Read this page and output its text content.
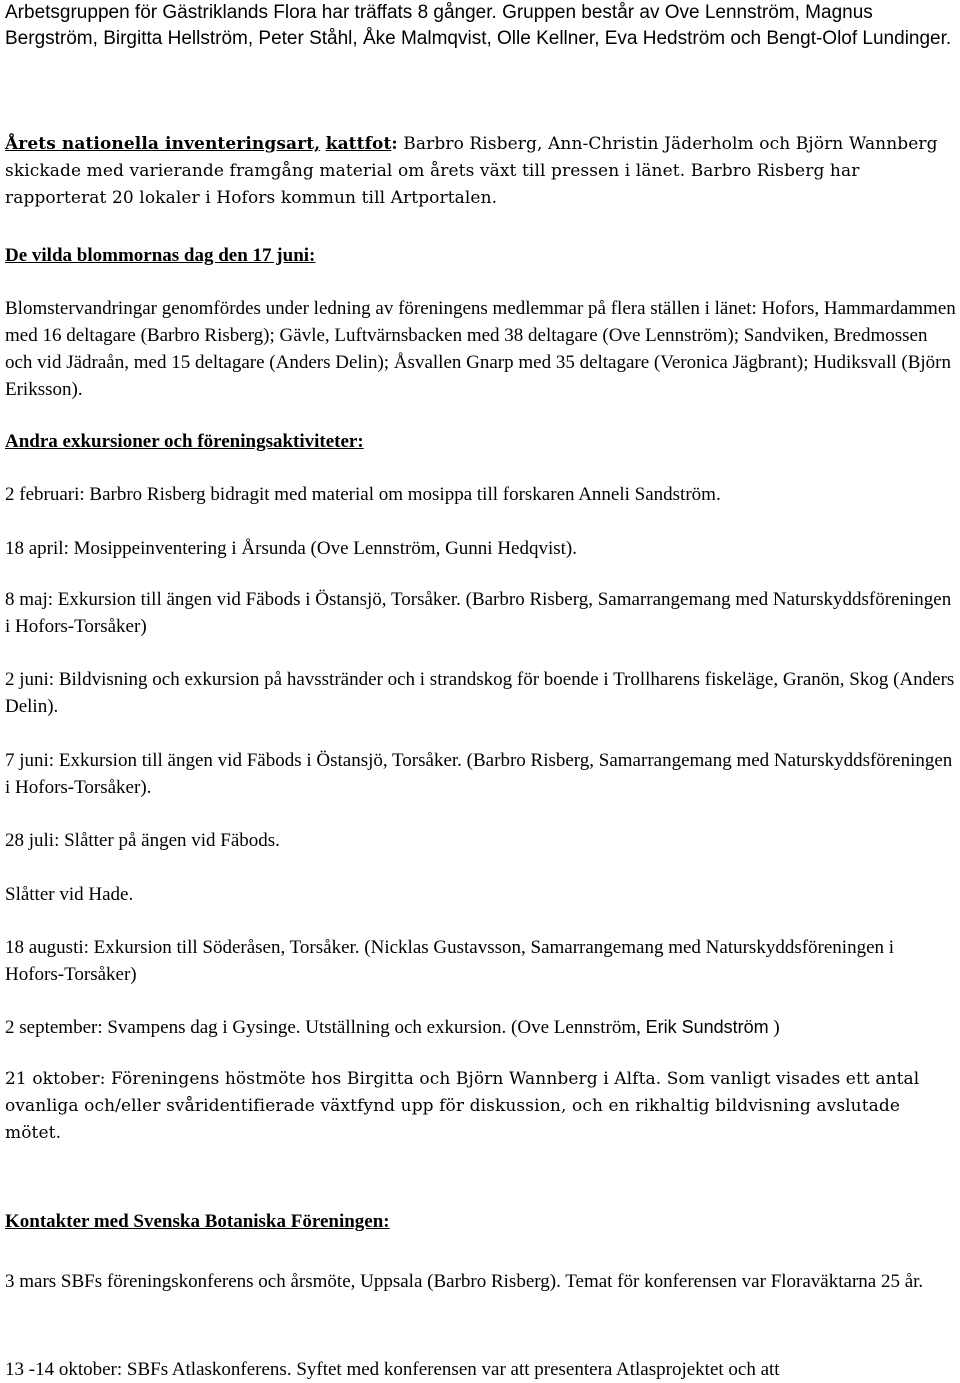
Arbetsgruppen för Gästriklands Flora har träffats 8 gånger. Gruppen består av Ove Lennström, Magnus Bergström, Birgitta Hellström, Peter Ståhl, Åke Malmqvist, Olle Kellner, Eva Hedström och Bengt-Olof Lundinger.

Årets nationella inventeringsart, kattfot: Barbro Risberg, Ann-Christin Jäderholm och Björn Wannberg skickade med varierande framgång material om årets växt till pressen i länet. Barbro Risberg har rapporterat 20 lokaler i Hofors kommun till Artportalen.

De vilda blommornas dag den 17 juni:

Blomstervandringar genomfördes under ledning av föreningens medlemmar på flera ställen i länet: Hofors, Hammardammen med 16 deltagare (Barbro Risberg); Gävle, Luftvärnsbacken med 38 deltagare (Ove Lennström); Sandviken, Bredmossen och vid Jädraån, med 15 deltagare (Anders Delin); Åsvallen Gnarp med 35 deltagare (Veronica Jägbrant); Hudiksvall (Björn Eriksson).

Andra exkursioner och föreningsaktiviteter:

2 februari: Barbro Risberg bidragit med material om mosippa till forskaren Anneli Sandström.

18 april: Mosippeinventering i Årsunda (Ove Lennström, Gunni Hedqvist).

8 maj: Exkursion till ängen vid Fäbods i Östansjö, Torsåker. (Barbro Risberg, Samarrangemang med Naturskyddsföreningen i Hofors-Torsåker)

2 juni: Bildvisning och exkursion på havsstränder och i strandskog för boende i Trollharens fiskeläge, Granön, Skog (Anders Delin).

7 juni: Exkursion till ängen vid Fäbods i Östansjö, Torsåker. (Barbro Risberg, Samarrangemang med Naturskyddsföreningen i Hofors-Torsåker).

28 juli: Slåtter på ängen vid Fäbods.

Slåtter vid Hade.

18 augusti: Exkursion till Söderåsen, Torsåker. (Nicklas Gustavsson, Samarrangemang med Naturskyddsföreningen i Hofors-Torsåker)

2 september: Svampens dag i Gysinge. Utställning och exkursion. (Ove Lennström, Erik Sundström )

21 oktober: Föreningens höstmöte hos Birgitta och Björn Wannberg i Alfta. Som vanligt visades ett antal ovanliga och/eller svåridentifierade växtfynd upp för diskussion, och en rikhaltig bildvisning avslutade mötet.

Kontakter med Svenska Botaniska Föreningen:

3 mars SBFs föreningskonferens och årsmöte, Uppsala (Barbro Risberg). Temat för konferensen var Floraväktarna 25 år.

13 -14 oktober: SBFs Atlaskonferens. Syftet med konferensen var att presentera Atlasprojektet och att
